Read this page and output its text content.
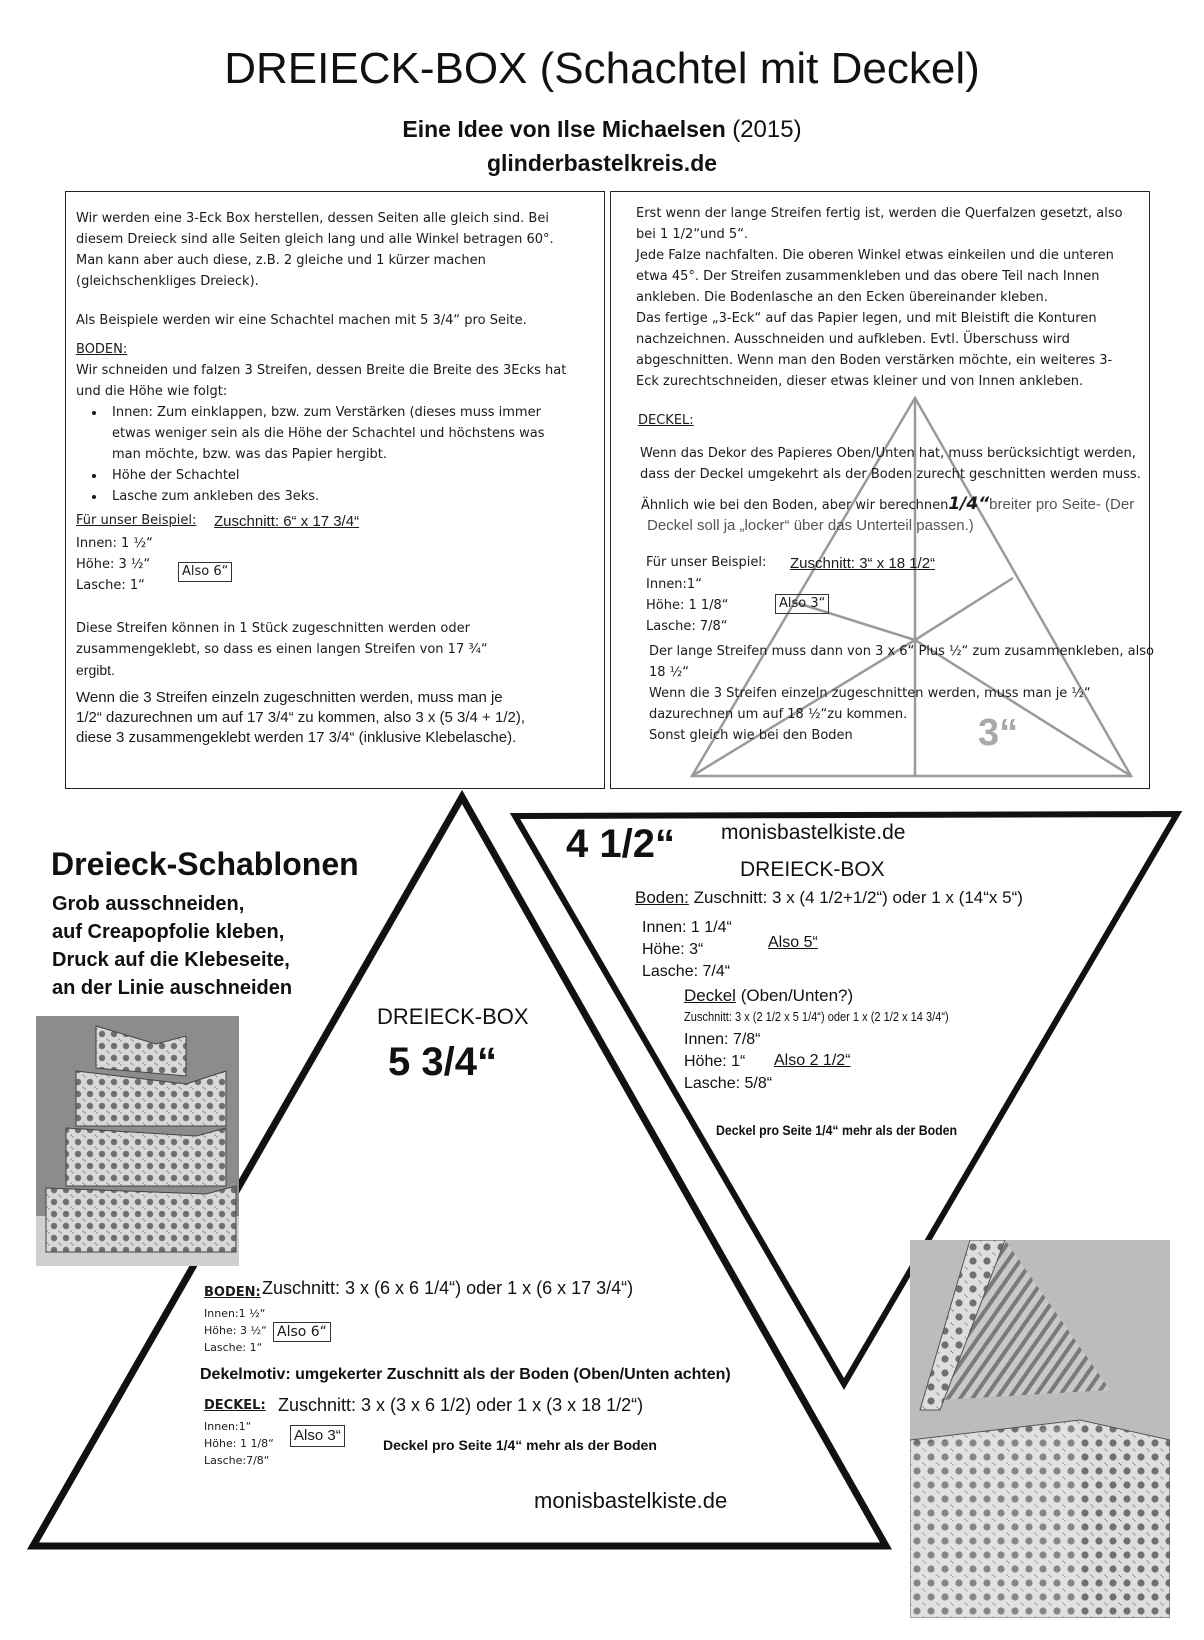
DREIECK-BOX (Schachtel mit Deckel)
Eine Idee von Ilse Michaelsen (2015)
glinderbastelkreis.de
Wir werden eine 3-Eck Box herstellen, dessen Seiten alle gleich sind. Bei
diesem Dreieck sind alle Seiten gleich lang und alle Winkel betragen 60°.
Man kann aber auch diese, z.B. 2 gleiche und 1 kürzer machen
(gleichschenkliges Dreieck).
Als Beispiele werden wir eine Schachtel machen mit 5 3/4“ pro Seite.
BODEN:
Wir schneiden und falzen 3 Streifen, dessen Breite die Breite des 3Ecks hat
und die Höhe wie folgt:
• Innen: Zum einklappen, bzw. zum Verstärken (dieses muss immer
etwas weniger sein als die Höhe der Schachtel und höchstens was
man möchte, bzw. was das Papier hergibt.
• Höhe der Schachtel
• Lasche zum ankleben des 3eks.
Für unser Beispiel: Zuschnitt: 6“ x 17 3/4“
Innen: 1 ½“
Höhe: 3 ½“
Lasche: 1“
Also 6“
Diese Streifen können in 1 Stück zugeschnitten werden oder
zusammengeklebt, so dass es einen langen Streifen von 17 ¾“
ergibt.
Wenn die 3 Streifen einzeln zugeschnitten werden, muss man je
1/2“ dazurechnen um auf 17 3/4“ zu kommen, also 3 x (5 3/4 + 1/2),
diese 3 zusammengeklebt werden 17 3/4“ (inklusive Klebelasche).
Erst wenn der lange Streifen fertig ist, werden die Querfalzen gesetzt, also
bei 1 1/2“und 5“.
Jede Falze nachfalten. Die oberen Winkel etwas einkeilen und die unteren
etwa 45°. Der Streifen zusammenkleben und das obere Teil nach Innen
ankleben. Die Bodenlasche an den Ecken übereinander kleben.
Das fertige „3-Eck“ auf das Papier legen, und mit Bleistift die Konturen
nachzeichnen. Ausschneiden und aufkleben. Evtl. Überschuss wird
abgeschnitten. Wenn man den Boden verstärken möchte, ein weiteres 3-
Eck zurechtschneiden, dieser etwas kleiner und von Innen ankleben.
DECKEL:
Wenn das Dekor des Papieres Oben/Unten hat, muss berücksichtigt werden,
dass der Deckel umgekehrt als der Boden zurecht geschnitten werden muss.
Ähnlich wie bei den Boden, aber wir berechnen1/4“breiter pro Seite- (Der
Deckel soll ja „locker“ über das Unterteil passen.)
Für unser Beispiel: Zuschnitt: 3“ x 18 1/2“
Innen:1“
Höhe: 1 1/8“
Lasche: 7/8“
Also 3“
Der lange Streifen muss dann von 3 x 6“ Plus ½“ zum zusammenkleben, also
18 ½“
Wenn die 3 Streifen einzeln zugeschnitten werden, muss man je ½“
dazurechnen um auf 18 ½“zu kommen.
Sonst gleich wie bei den Boden	3“
Dreieck-Schablonen
Grob ausschneiden,
auf Creapopfolie kleben,
Druck auf die Klebeseite,
an der Linie auschneiden
DREIECK-BOX
5 3/4“
BODEN: Zuschnitt: 3 x (6 x 6 1/4“) oder 1 x (6 x 17 3/4“)
Innen:1 ½“
Höhe: 3 ½“
Lasche: 1“
Also 6“
Dekelmotiv: umgekerter Zuschnitt als der Boden (Oben/Unten achten)
DECKEL: Zuschnitt: 3 x (3 x 6 1/2) oder 1 x (3 x 18 1/2“)
Innen:1“
Höhe: 1 1/8“
Lasche:7/8“
Also 3“
Deckel pro Seite 1/4“ mehr als der Boden
monisbastelkiste.de
4 1/2“ monisbastelkiste.de
DREIECK-BOX
Boden: Zuschnitt: 3 x (4 1/2+1/2“) oder 1 x (14“x 5“)
Innen: 1 1/4“
Höhe: 3“
Lasche: 7/4“
Also 5“
Deckel (Oben/Unten?)
Zuschnitt: 3 x (2 1/2 x 5 1/4“) oder 1 x (2 1/2 x 14 3/4“)
Innen: 7/8“
Höhe: 1“
Lasche: 5/8“
Also 2 1/2“
Deckel pro Seite 1/4“ mehr als der Boden
